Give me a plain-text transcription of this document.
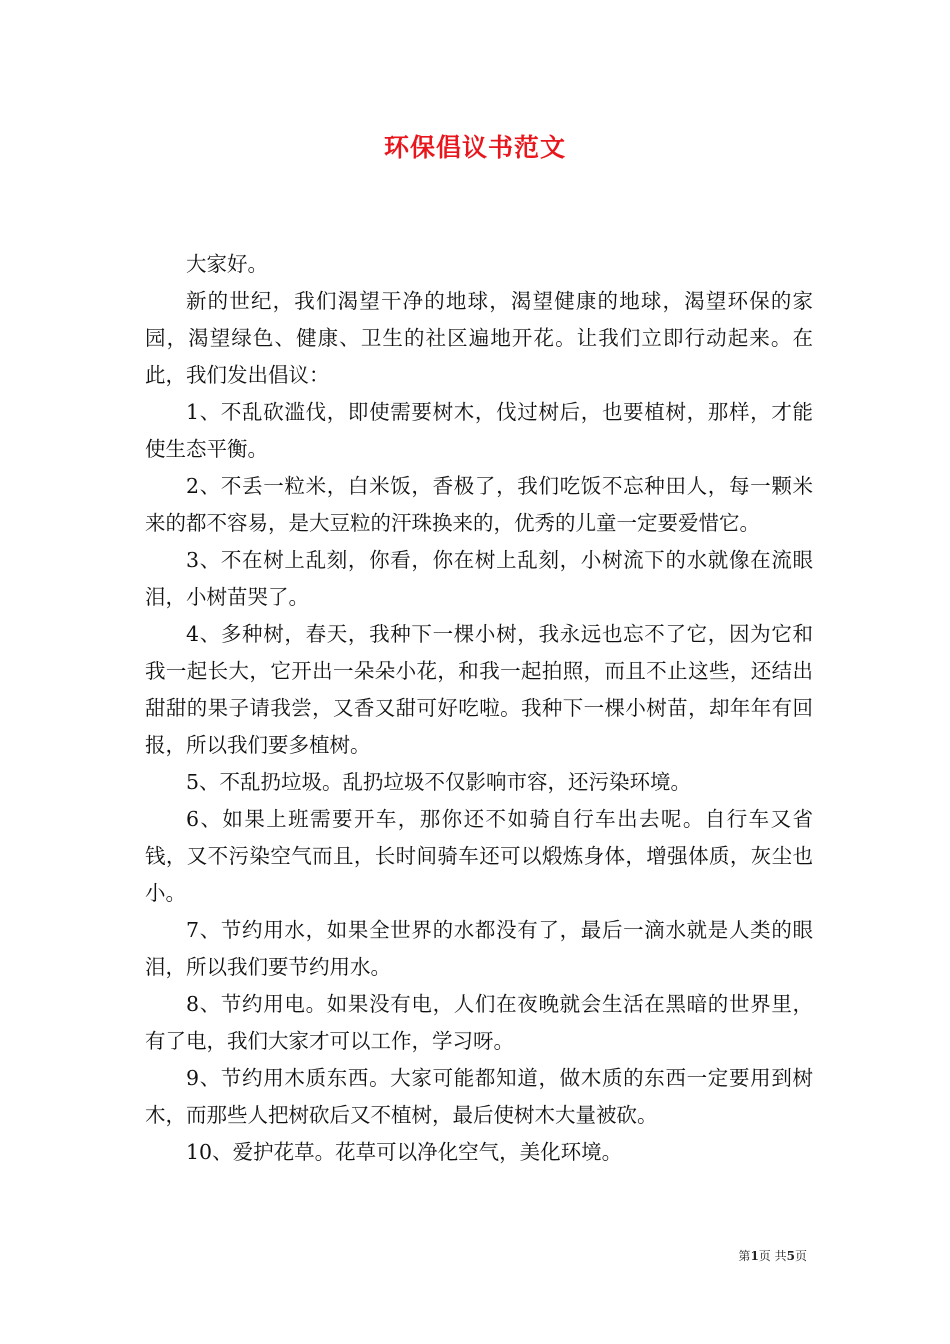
环保倡议书范文

大家好。

新的世纪，我们渴望干净的地球，渴望健康的地球，渴望环保的家园，渴望绿色、健康、卫生的社区遍地开花。让我们立即行动起来。在此，我们发出倡议：

1、不乱砍滥伐，即使需要树木，伐过树后，也要植树，那样，才能使生态平衡。

2、不丢一粒米，白米饭，香极了，我们吃饭不忘种田人，每一颗米来的都不容易，是大豆粒的汗珠换来的，优秀的儿童一定要爱惜它。

3、不在树上乱刻，你看，你在树上乱刻，小树流下的水就像在流眼泪，小树苗哭了。

4、多种树，春天，我种下一棵小树，我永远也忘不了它，因为它和我一起长大，它开出一朵朵小花，和我一起拍照，而且不止这些，还结出甜甜的果子请我尝，又香又甜可好吃啦。我种下一棵小树苗，却年年有回报，所以我们要多植树。

5、不乱扔垃圾。乱扔垃圾不仅影响市容，还污染环境。

6、如果上班需要开车，那你还不如骑自行车出去呢。自行车又省钱，又不污染空气而且，长时间骑车还可以煅炼身体，增强体质，灰尘也小。

7、节约用水，如果全世界的水都没有了，最后一滴水就是人类的眼泪，所以我们要节约用水。

8、节约用电。如果没有电，人们在夜晚就会生活在黑暗的世界里，有了电，我们大家才可以工作，学习呀。

9、节约用木质东西。大家可能都知道，做木质的东西一定要用到树木，而那些人把树砍后又不植树，最后使树木大量被砍。

10、爱护花草。花草可以净化空气，美化环境。

第1页 共5页
